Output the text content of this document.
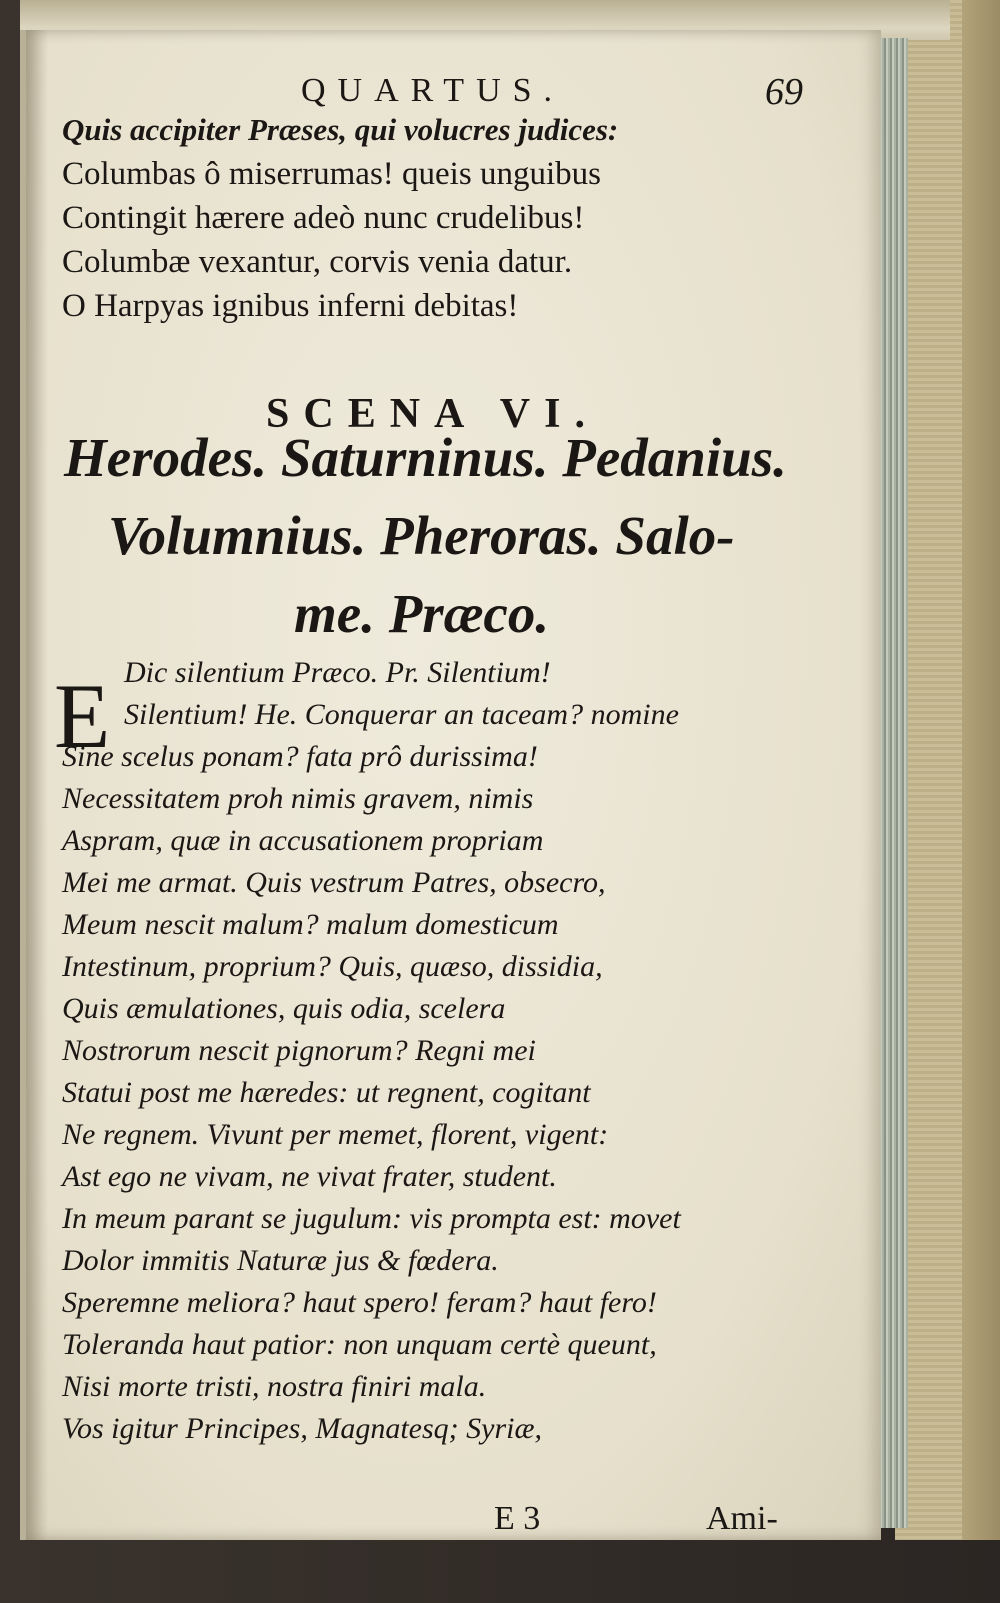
QUARTUS.	69
Quis accipiter Præses, qui volucres judices:
Columbas ô miserrumas! queis unguibus
Contingit hærere adeò nunc crudelibus!
Columbæ vexantur, corvis venia datur.
O Harpyas ignibus inferni debitas!
SCENA VI.
Herodes. Saturninus. Pedanius.
Volumnius. Pheroras. Salo-
me. Præco.
E Dic silentium Præco. Pr. Silentium!
Silentium! He. Conquerar an taceam? nomine
Sine scelus ponam? fata prô durissima!
Necessitatem proh nimis gravem, nimis
Aspram, quæ in accusationem propriam
Mei me armat. Quis vestrum Patres, obsecro,
Meum nescit malum? malum domesticum
Intestinum, proprium? Quis, quæso, dissidia,
Quis æmulationes, quis odia, scelera
Nostrorum nescit pignorum? Regni mei
Statui post me hæredes: ut regnent, cogitant
Ne regnem. Vivunt per memet, florent, vigent:
Ast ego ne vivam, ne vivat frater, student.
In meum parant se jugulum: vis prompta est: movet
Dolor immitis Naturæ jus & fœdera.
Speremne meliora? haut spero! feram? haut fero!
Toleranda haut patior: non unquam certè queunt,
Nisi morte tristi, nostra finiri mala.
Vos igitur Principes, Magnatesq; Syriæ,
E 3	Ami-
